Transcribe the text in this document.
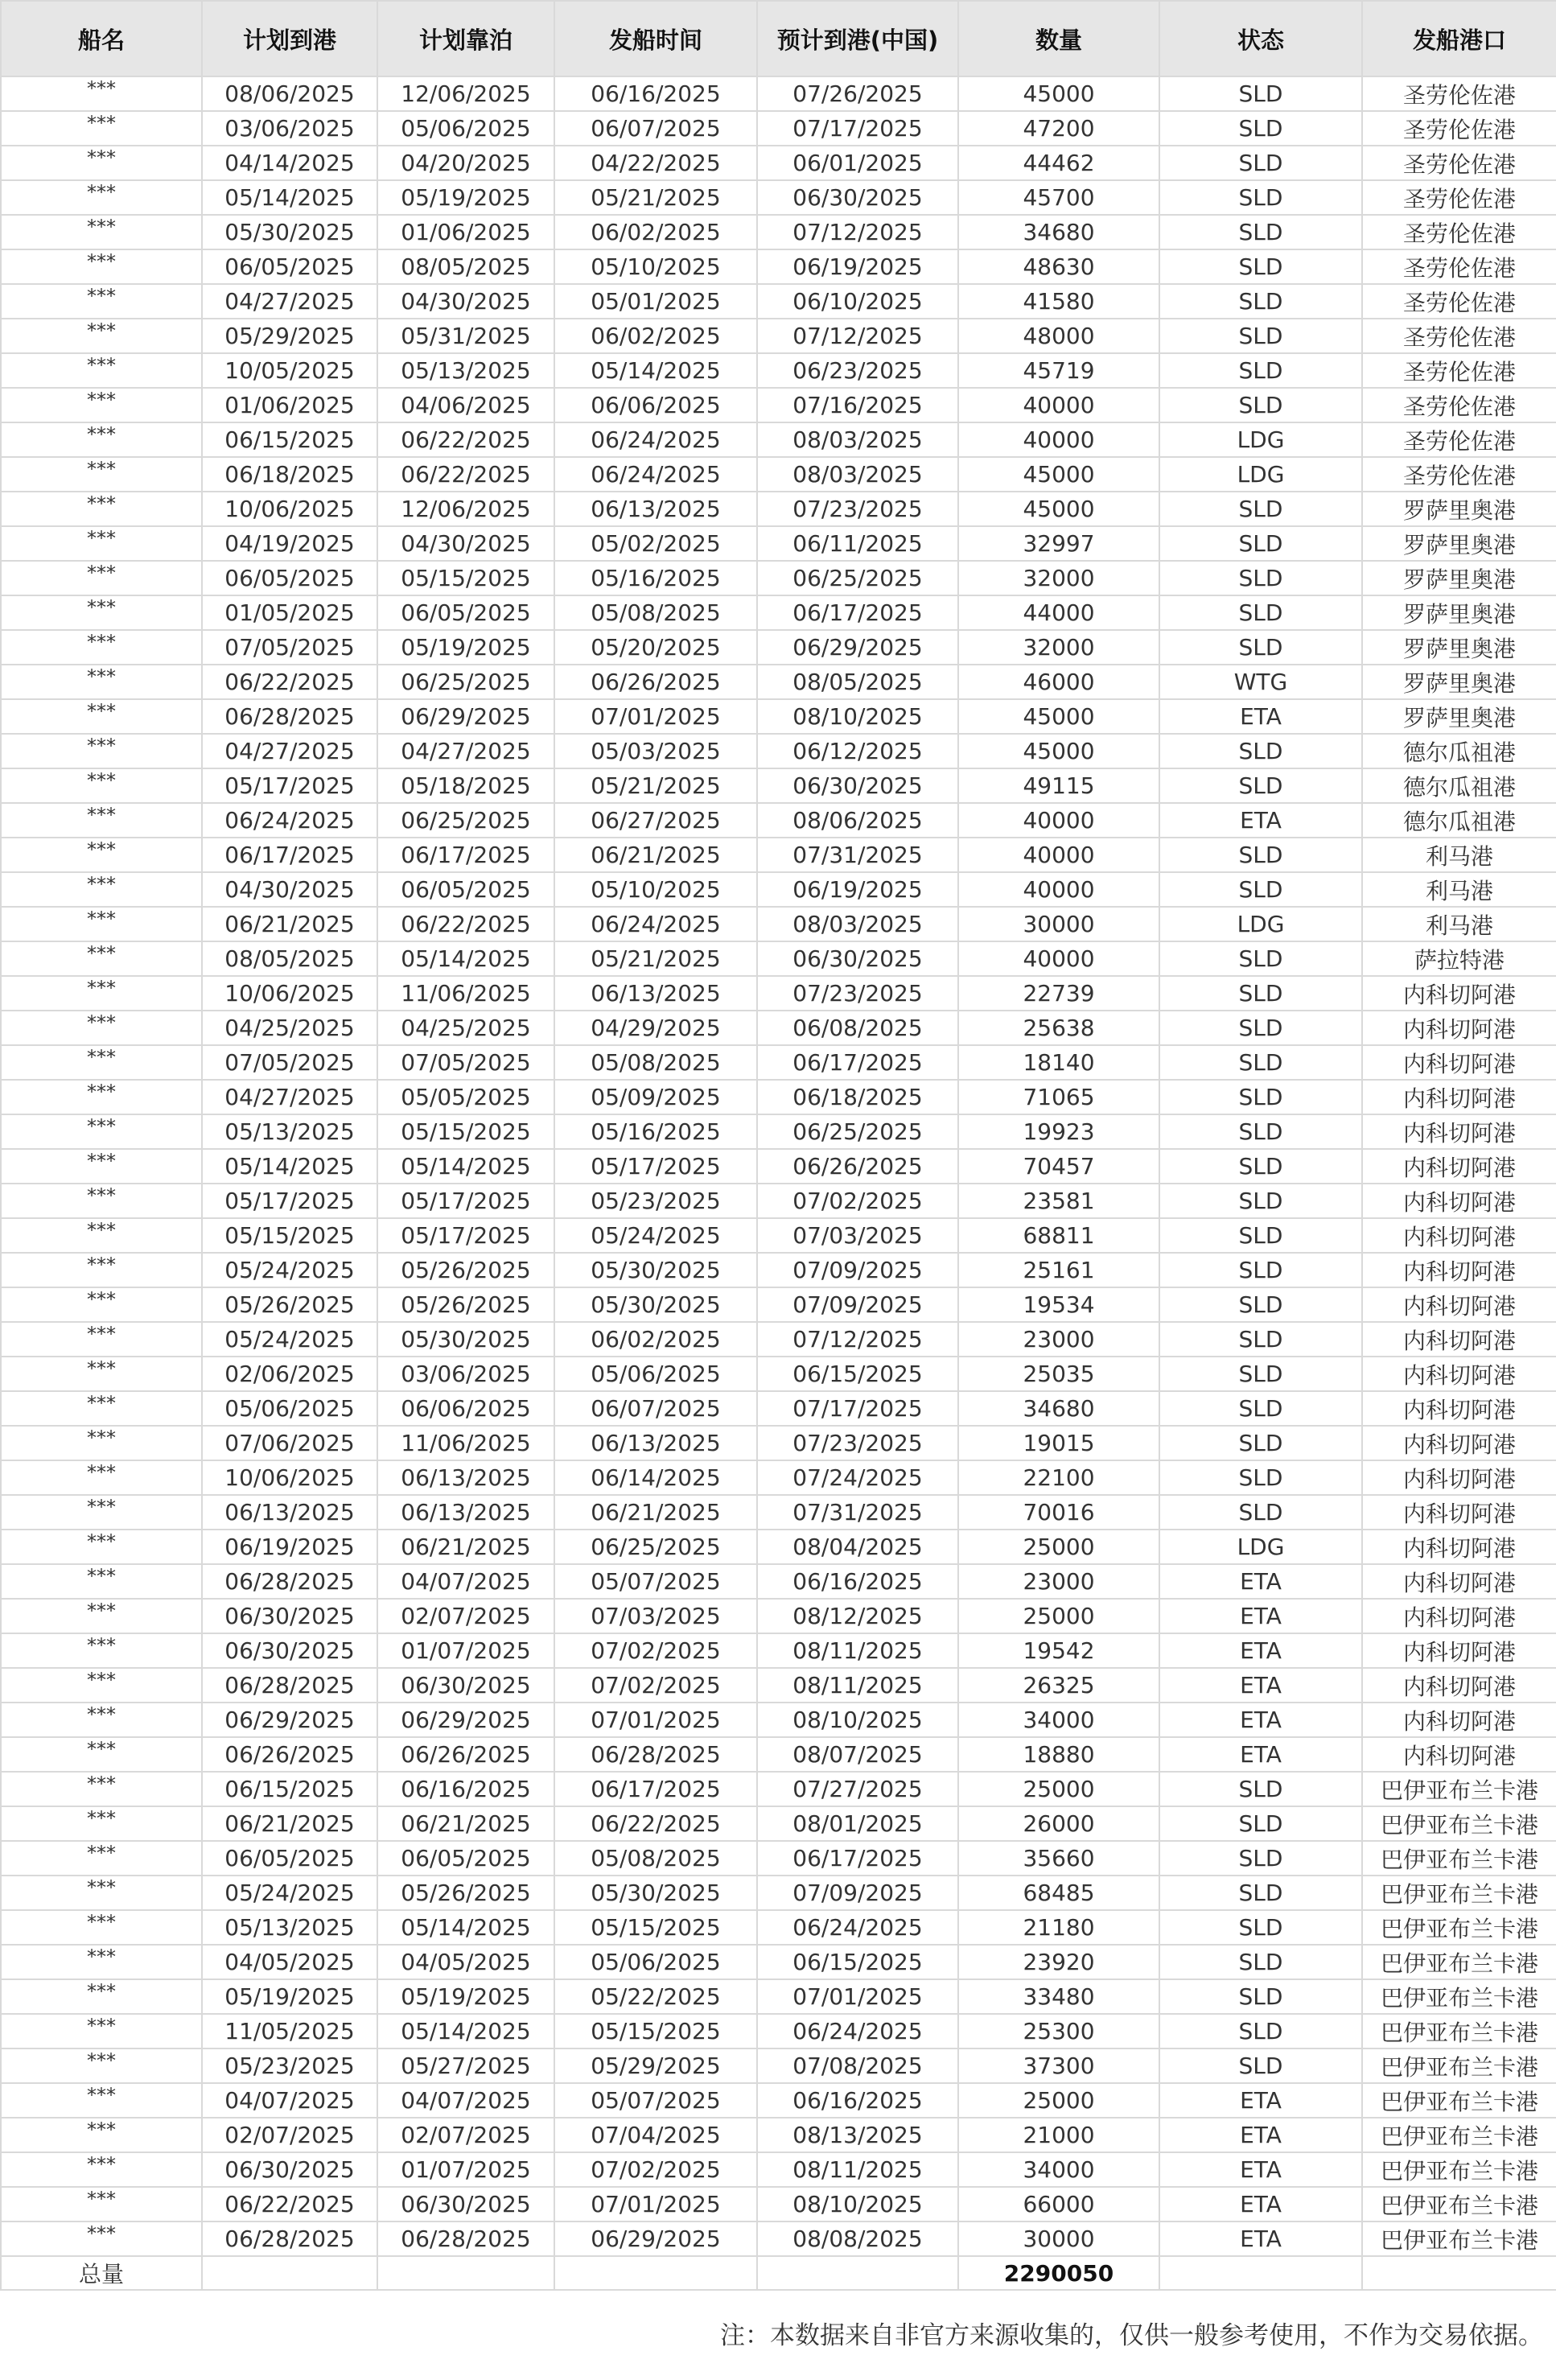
船名	计划到港	计划靠泊	发船时间	预计到港(中国)	数量	状态	发船港口
***	08/06/2025	12/06/2025	06/16/2025	07/26/2025	45000	SLD	圣劳伦佐港
***	03/06/2025	05/06/2025	06/07/2025	07/17/2025	47200	SLD	圣劳伦佐港
***	04/14/2025	04/20/2025	04/22/2025	06/01/2025	44462	SLD	圣劳伦佐港
***	05/14/2025	05/19/2025	05/21/2025	06/30/2025	45700	SLD	圣劳伦佐港
***	05/30/2025	01/06/2025	06/02/2025	07/12/2025	34680	SLD	圣劳伦佐港
***	06/05/2025	08/05/2025	05/10/2025	06/19/2025	48630	SLD	圣劳伦佐港
***	04/27/2025	04/30/2025	05/01/2025	06/10/2025	41580	SLD	圣劳伦佐港
***	05/29/2025	05/31/2025	06/02/2025	07/12/2025	48000	SLD	圣劳伦佐港
***	10/05/2025	05/13/2025	05/14/2025	06/23/2025	45719	SLD	圣劳伦佐港
***	01/06/2025	04/06/2025	06/06/2025	07/16/2025	40000	SLD	圣劳伦佐港
***	06/15/2025	06/22/2025	06/24/2025	08/03/2025	40000	LDG	圣劳伦佐港
***	06/18/2025	06/22/2025	06/24/2025	08/03/2025	45000	LDG	圣劳伦佐港
***	10/06/2025	12/06/2025	06/13/2025	07/23/2025	45000	SLD	罗萨里奥港
***	04/19/2025	04/30/2025	05/02/2025	06/11/2025	32997	SLD	罗萨里奥港
***	06/05/2025	05/15/2025	05/16/2025	06/25/2025	32000	SLD	罗萨里奥港
***	01/05/2025	06/05/2025	05/08/2025	06/17/2025	44000	SLD	罗萨里奥港
***	07/05/2025	05/19/2025	05/20/2025	06/29/2025	32000	SLD	罗萨里奥港
***	06/22/2025	06/25/2025	06/26/2025	08/05/2025	46000	WTG	罗萨里奥港
***	06/28/2025	06/29/2025	07/01/2025	08/10/2025	45000	ETA	罗萨里奥港
***	04/27/2025	04/27/2025	05/03/2025	06/12/2025	45000	SLD	德尔瓜祖港
***	05/17/2025	05/18/2025	05/21/2025	06/30/2025	49115	SLD	德尔瓜祖港
***	06/24/2025	06/25/2025	06/27/2025	08/06/2025	40000	ETA	德尔瓜祖港
***	06/17/2025	06/17/2025	06/21/2025	07/31/2025	40000	SLD	利马港
***	04/30/2025	06/05/2025	05/10/2025	06/19/2025	40000	SLD	利马港
***	06/21/2025	06/22/2025	06/24/2025	08/03/2025	30000	LDG	利马港
***	08/05/2025	05/14/2025	05/21/2025	06/30/2025	40000	SLD	萨拉特港
***	10/06/2025	11/06/2025	06/13/2025	07/23/2025	22739	SLD	内科切阿港
***	04/25/2025	04/25/2025	04/29/2025	06/08/2025	25638	SLD	内科切阿港
***	07/05/2025	07/05/2025	05/08/2025	06/17/2025	18140	SLD	内科切阿港
***	04/27/2025	05/05/2025	05/09/2025	06/18/2025	71065	SLD	内科切阿港
***	05/13/2025	05/15/2025	05/16/2025	06/25/2025	19923	SLD	内科切阿港
***	05/14/2025	05/14/2025	05/17/2025	06/26/2025	70457	SLD	内科切阿港
***	05/17/2025	05/17/2025	05/23/2025	07/02/2025	23581	SLD	内科切阿港
***	05/15/2025	05/17/2025	05/24/2025	07/03/2025	68811	SLD	内科切阿港
***	05/24/2025	05/26/2025	05/30/2025	07/09/2025	25161	SLD	内科切阿港
***	05/26/2025	05/26/2025	05/30/2025	07/09/2025	19534	SLD	内科切阿港
***	05/24/2025	05/30/2025	06/02/2025	07/12/2025	23000	SLD	内科切阿港
***	02/06/2025	03/06/2025	05/06/2025	06/15/2025	25035	SLD	内科切阿港
***	05/06/2025	06/06/2025	06/07/2025	07/17/2025	34680	SLD	内科切阿港
***	07/06/2025	11/06/2025	06/13/2025	07/23/2025	19015	SLD	内科切阿港
***	10/06/2025	06/13/2025	06/14/2025	07/24/2025	22100	SLD	内科切阿港
***	06/13/2025	06/13/2025	06/21/2025	07/31/2025	70016	SLD	内科切阿港
***	06/19/2025	06/21/2025	06/25/2025	08/04/2025	25000	LDG	内科切阿港
***	06/28/2025	04/07/2025	05/07/2025	06/16/2025	23000	ETA	内科切阿港
***	06/30/2025	02/07/2025	07/03/2025	08/12/2025	25000	ETA	内科切阿港
***	06/30/2025	01/07/2025	07/02/2025	08/11/2025	19542	ETA	内科切阿港
***	06/28/2025	06/30/2025	07/02/2025	08/11/2025	26325	ETA	内科切阿港
***	06/29/2025	06/29/2025	07/01/2025	08/10/2025	34000	ETA	内科切阿港
***	06/26/2025	06/26/2025	06/28/2025	08/07/2025	18880	ETA	内科切阿港
***	06/15/2025	06/16/2025	06/17/2025	07/27/2025	25000	SLD	巴伊亚布兰卡港
***	06/21/2025	06/21/2025	06/22/2025	08/01/2025	26000	SLD	巴伊亚布兰卡港
***	06/05/2025	06/05/2025	05/08/2025	06/17/2025	35660	SLD	巴伊亚布兰卡港
***	05/24/2025	05/26/2025	05/30/2025	07/09/2025	68485	SLD	巴伊亚布兰卡港
***	05/13/2025	05/14/2025	05/15/2025	06/24/2025	21180	SLD	巴伊亚布兰卡港
***	04/05/2025	04/05/2025	05/06/2025	06/15/2025	23920	SLD	巴伊亚布兰卡港
***	05/19/2025	05/19/2025	05/22/2025	07/01/2025	33480	SLD	巴伊亚布兰卡港
***	11/05/2025	05/14/2025	05/15/2025	06/24/2025	25300	SLD	巴伊亚布兰卡港
***	05/23/2025	05/27/2025	05/29/2025	07/08/2025	37300	SLD	巴伊亚布兰卡港
***	04/07/2025	04/07/2025	05/07/2025	06/16/2025	25000	ETA	巴伊亚布兰卡港
***	02/07/2025	02/07/2025	07/04/2025	08/13/2025	21000	ETA	巴伊亚布兰卡港
***	06/30/2025	01/07/2025	07/02/2025	08/11/2025	34000	ETA	巴伊亚布兰卡港
***	06/22/2025	06/30/2025	07/01/2025	08/10/2025	66000	ETA	巴伊亚布兰卡港
***	06/28/2025	06/28/2025	06/29/2025	08/08/2025	30000	ETA	巴伊亚布兰卡港
总量					2290050		
注：本数据来自非官方来源收集的，仅供一般参考使用，不作为交易依据。
